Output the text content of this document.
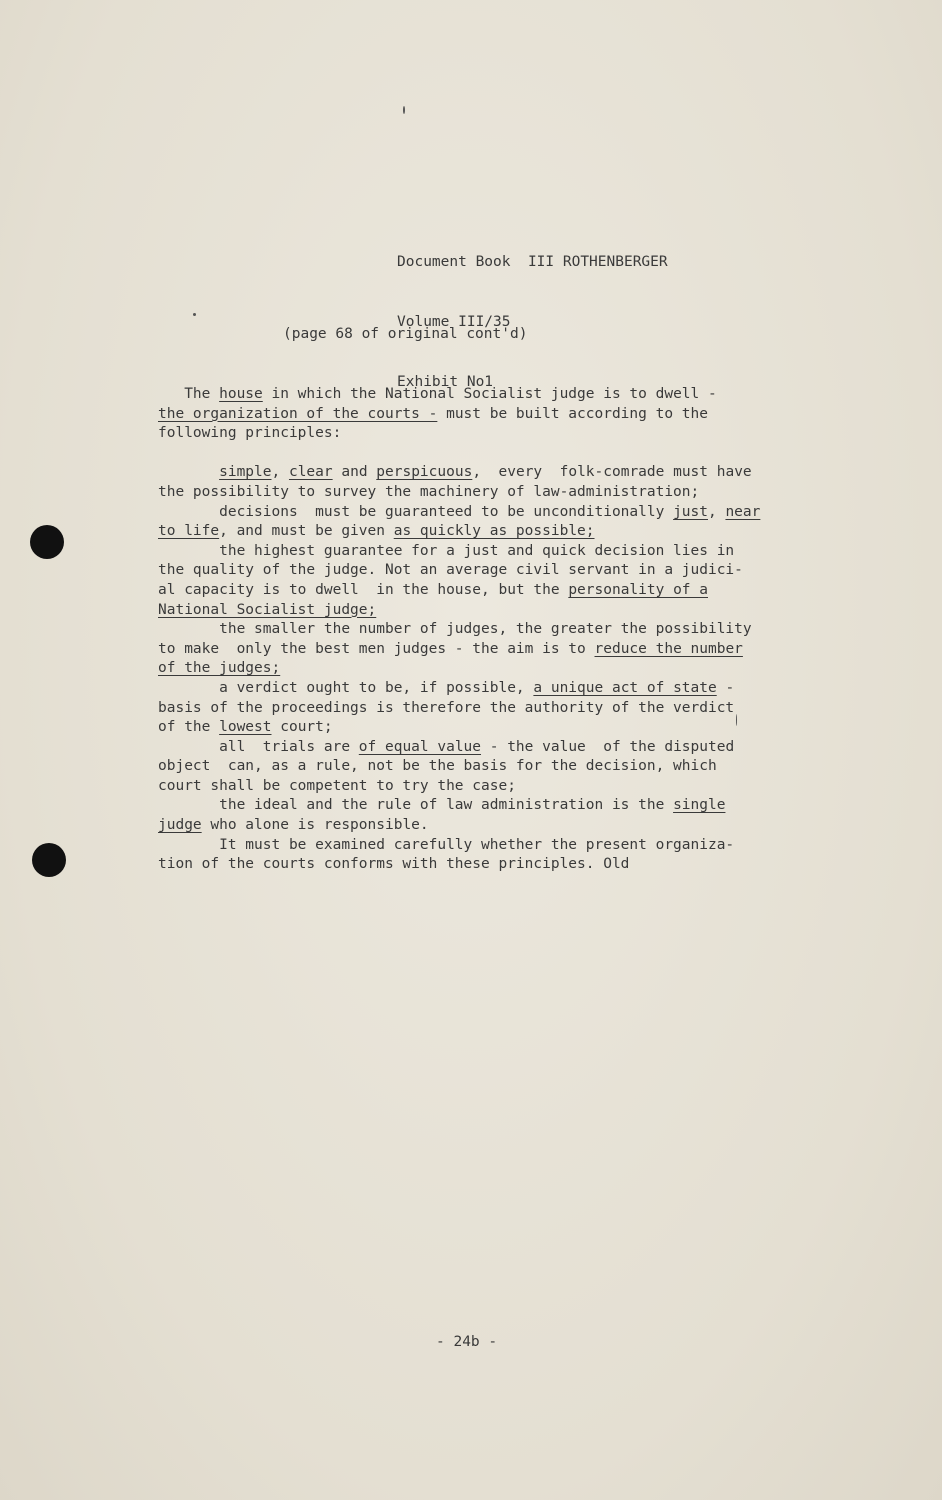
Document Book  III ROTHENBERGER

Volume III/35

Exhibit No1

(page 68 of original cont'd)
The house in which the National Socialist judge is to dwell -
the organization of the courts - must be built according to the
following principles:
simple, clear and perspicuous,  every  folk-comrade must have
the possibility to survey the machinery of law-administration;
decisions  must be guaranteed to be unconditionally just, near
to life, and must be given as quickly as possible;
the highest guarantee for a just and quick decision lies in
the quality of the judge. Not an average civil servant in a judici-
al capacity is to dwell  in the house, but the personality of a
National Socialist judge;
the smaller the number of judges, the greater the possibility
to make  only the best men judges - the aim is to reduce the number
of the judges;
a verdict ought to be, if possible, a unique act of state -
basis of the proceedings is therefore the authority of the verdict
of the lowest court;
all  trials are of equal value - the value  of the disputed
object  can, as a rule, not be the basis for the decision, which
court shall be competent to try the case;
the ideal and the rule of law administration is the single
judge who alone is responsible.
It must be examined carefully whether the present organiza-
tion of the courts conforms with these principles. Old
- 24b -
